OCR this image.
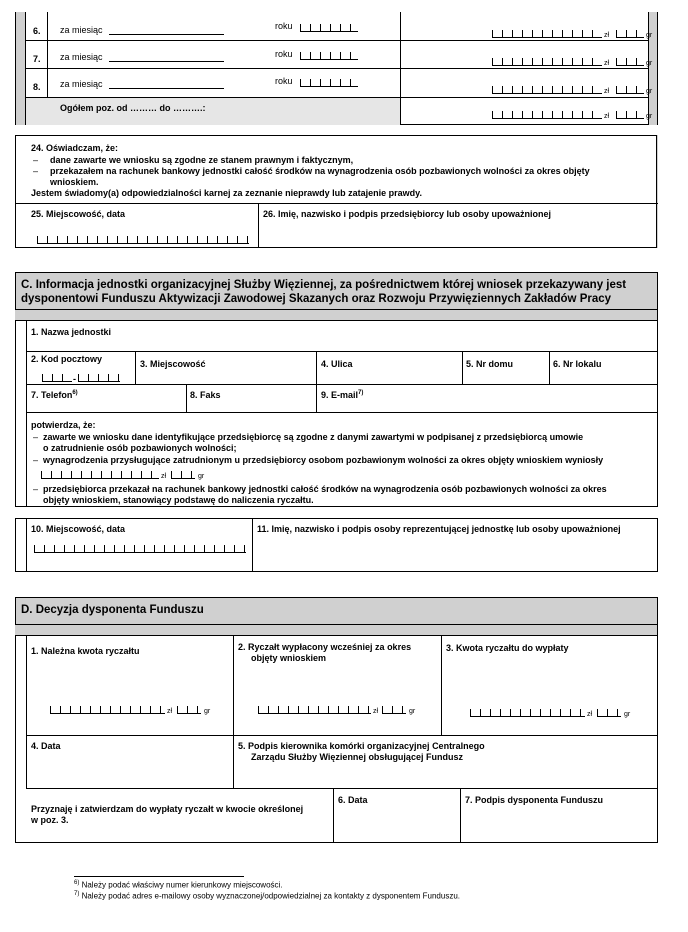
6. za miesiąc	roku
zł	gr
7. za miesiąc	roku
zł	gr
8. za miesiąc	roku
zł	gr
Ogółem poz. od ……… do ……….:
zł	gr
24. Oświadczam, że:
– dane zawarte we wniosku są zgodne ze stanem prawnym i faktycznym,
– przekazałem na rachunek bankowy jednostki całość środków na wynagrodzenia osób pozbawionych wolności za okres objęty
wnioskiem.
Jestem świadomy(a) odpowiedzialności karnej za zeznanie nieprawdy lub zatajenie prawdy.
25. Miejscowość, data	26. Imię, nazwisko i podpis przedsiębiorcy lub osoby upoważnionej
C. Informacja jednostki organizacyjnej Służby Więziennej, za pośrednictwem której wniosek przekazywany jest
dysponentowi Funduszu Aktywizacji Zawodowej Skazanych oraz Rozwoju Przywięziennych Zakładów Pracy
1. Nazwa jednostki
2. Kod pocztowy
-
3. Miejscowość	4. Ulica	5. Nr domu	6. Nr lokalu
7. Telefon$^{6)}$	8. Faks	9. E-mail$^{7)}$
potwierdza, że:
– zawarte we wniosku dane identyfikujące przedsiębiorcę są zgodne z danymi zawartymi w podpisanej z przedsiębiorcą umowie
o zatrudnienie osób pozbawionych wolności;
– wynagrodzenia przysługujące zatrudnionym u przedsiębiorcy osobom pozbawionym wolności za okres objęty wnioskiem wyniosły
zł	gr
– przedsiębiorca przekazał na rachunek bankowy jednostki całość środków na wynagrodzenia osób pozbawionych wolności za okres
objęty wnioskiem, stanowiący podstawę do naliczenia ryczałtu.
10. Miejscowość, data	11. Imię, nazwisko i podpis osoby reprezentującej jednostkę lub osoby upoważnionej
D. Decyzja dysponenta Funduszu
1. Należna kwota ryczałtu
zł	gr
2. Ryczałt wypłacony wcześniej za okres
objęty wnioskiem
zł	gr
3. Kwota ryczałtu do wypłaty
zł	gr
4. Data	5. Podpis kierownika komórki organizacyjnej Centralnego
Zarządu Służby Więziennej obsługującej Fundusz
Przyznaję i zatwierdzam do wypłaty ryczałt w kwocie określonej
w poz. 3.
6. Data	7. Podpis dysponenta Funduszu
$^{6)}$ Należy podać właściwy numer kierunkowy miejscowości.
$^{7)}$ Należy podać adres e-mailowy osoby wyznaczonej/odpowiedzialnej za kontakty z dysponentem Funduszu.
